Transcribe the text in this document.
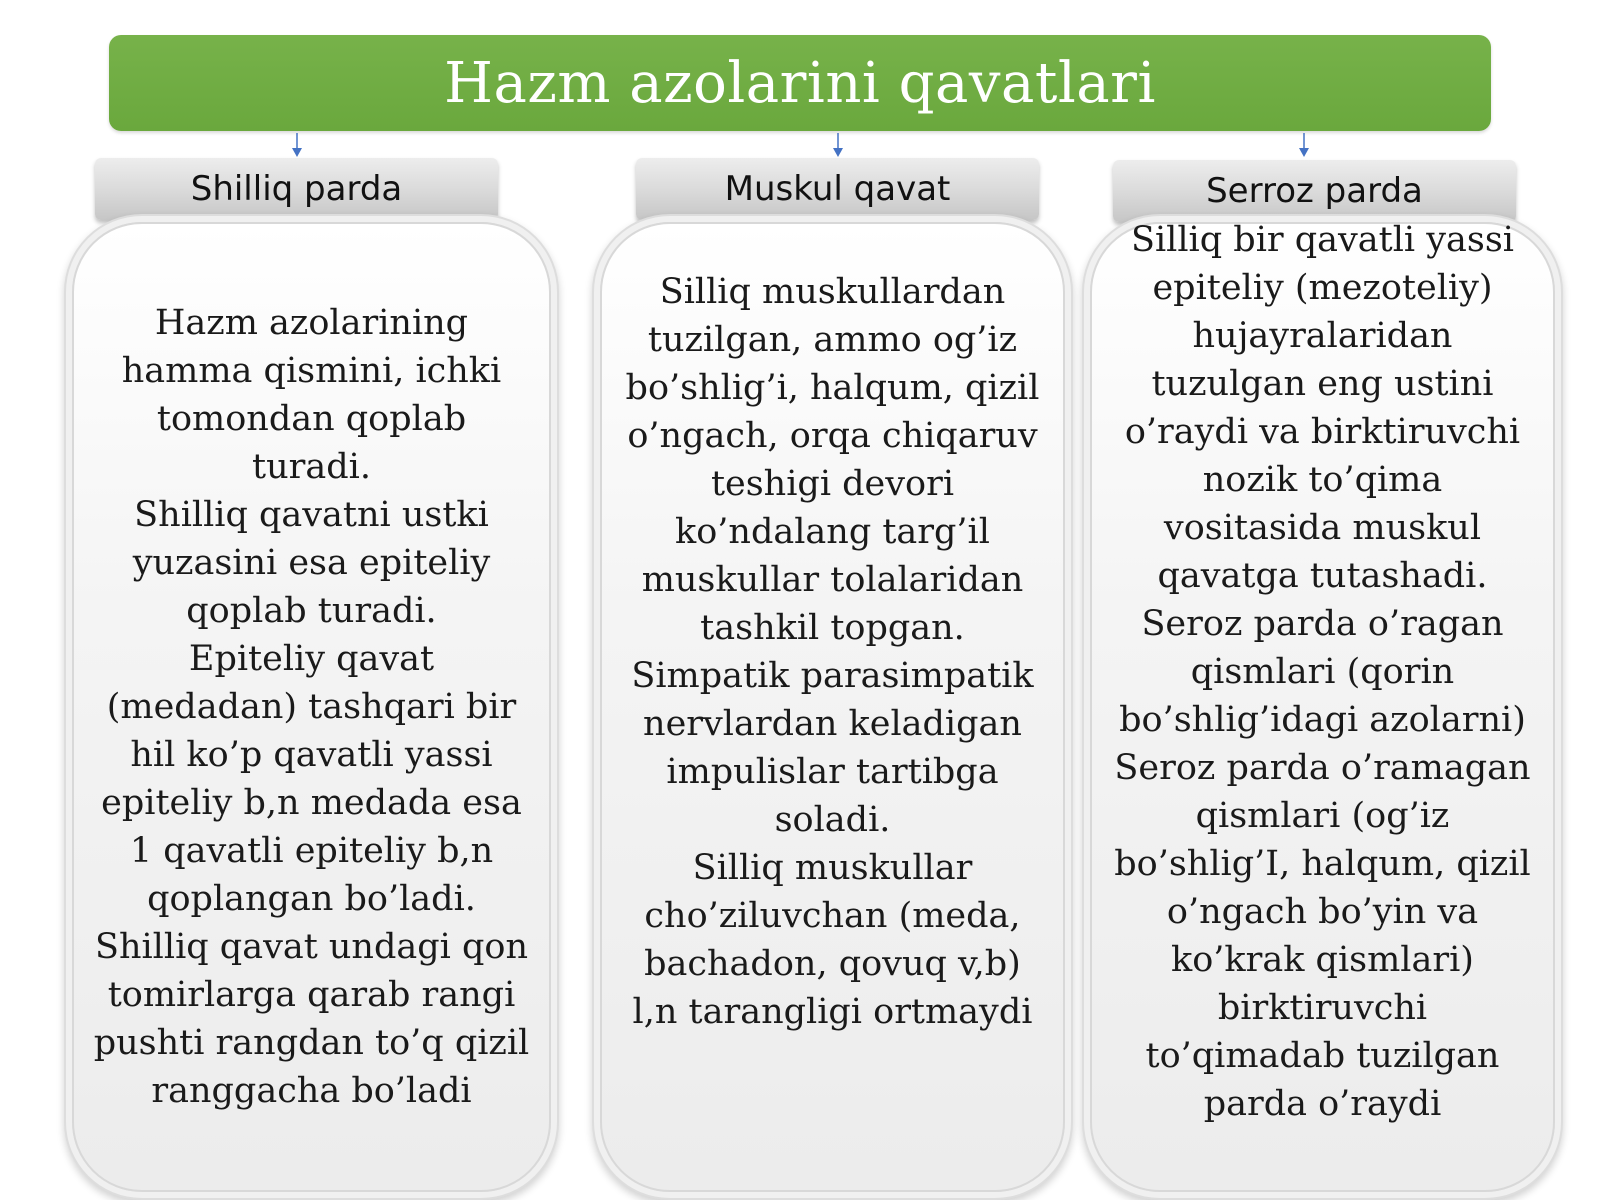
Hazm azolarini qavatlari
Shilliq parda

Hazm azolarining
hamma qismini, ichki
tomondan qoplab
turadi.
Shilliq qavatni ustki
yuzasini esa epiteliy
qoplab turadi.
Epiteliy qavat
(medadan) tashqari bir
hil ko’p qavatli yassi
epiteliy b,n medada esa
1 qavatli epiteliy b,n
qoplangan bo’ladi.
Shilliq qavat undagi qon
tomirlarga qarab rangi
pushti rangdan to’q qizil
ranggacha bo’ladi

Muskul qavat

Silliq muskullardan
tuzilgan, ammo og’iz
bo’shlig’i, halqum, qizil
o’ngach, orqa chiqaruv
teshigi devori
ko’ndalang targ’il
muskullar tolalaridan
tashkil topgan.
Simpatik parasimpatik
nervlardan keladigan
impulislar tartibga
soladi.
Silliq muskullar
cho’ziluvchan (meda,
bachadon, qovuq v,b)
l,n tarangligi ortmaydi

Serroz parda

Silliq bir qavatli yassi
epiteliy (mezoteliy)
hujayralaridan
tuzulgan eng ustini
o’raydi va birktiruvchi
nozik to’qima
vositasida muskul
qavatga tutashadi.
Seroz parda o’ragan
qismlari (qorin
bo’shlig’idagi azolarni)
Seroz parda o’ramagan
qismlari (og’iz
bo’shlig’I, halqum, qizil
o’ngach bo’yin va
ko’krak qismlari)
birktiruvchi
to’qimadab tuzilgan
parda o’raydi
